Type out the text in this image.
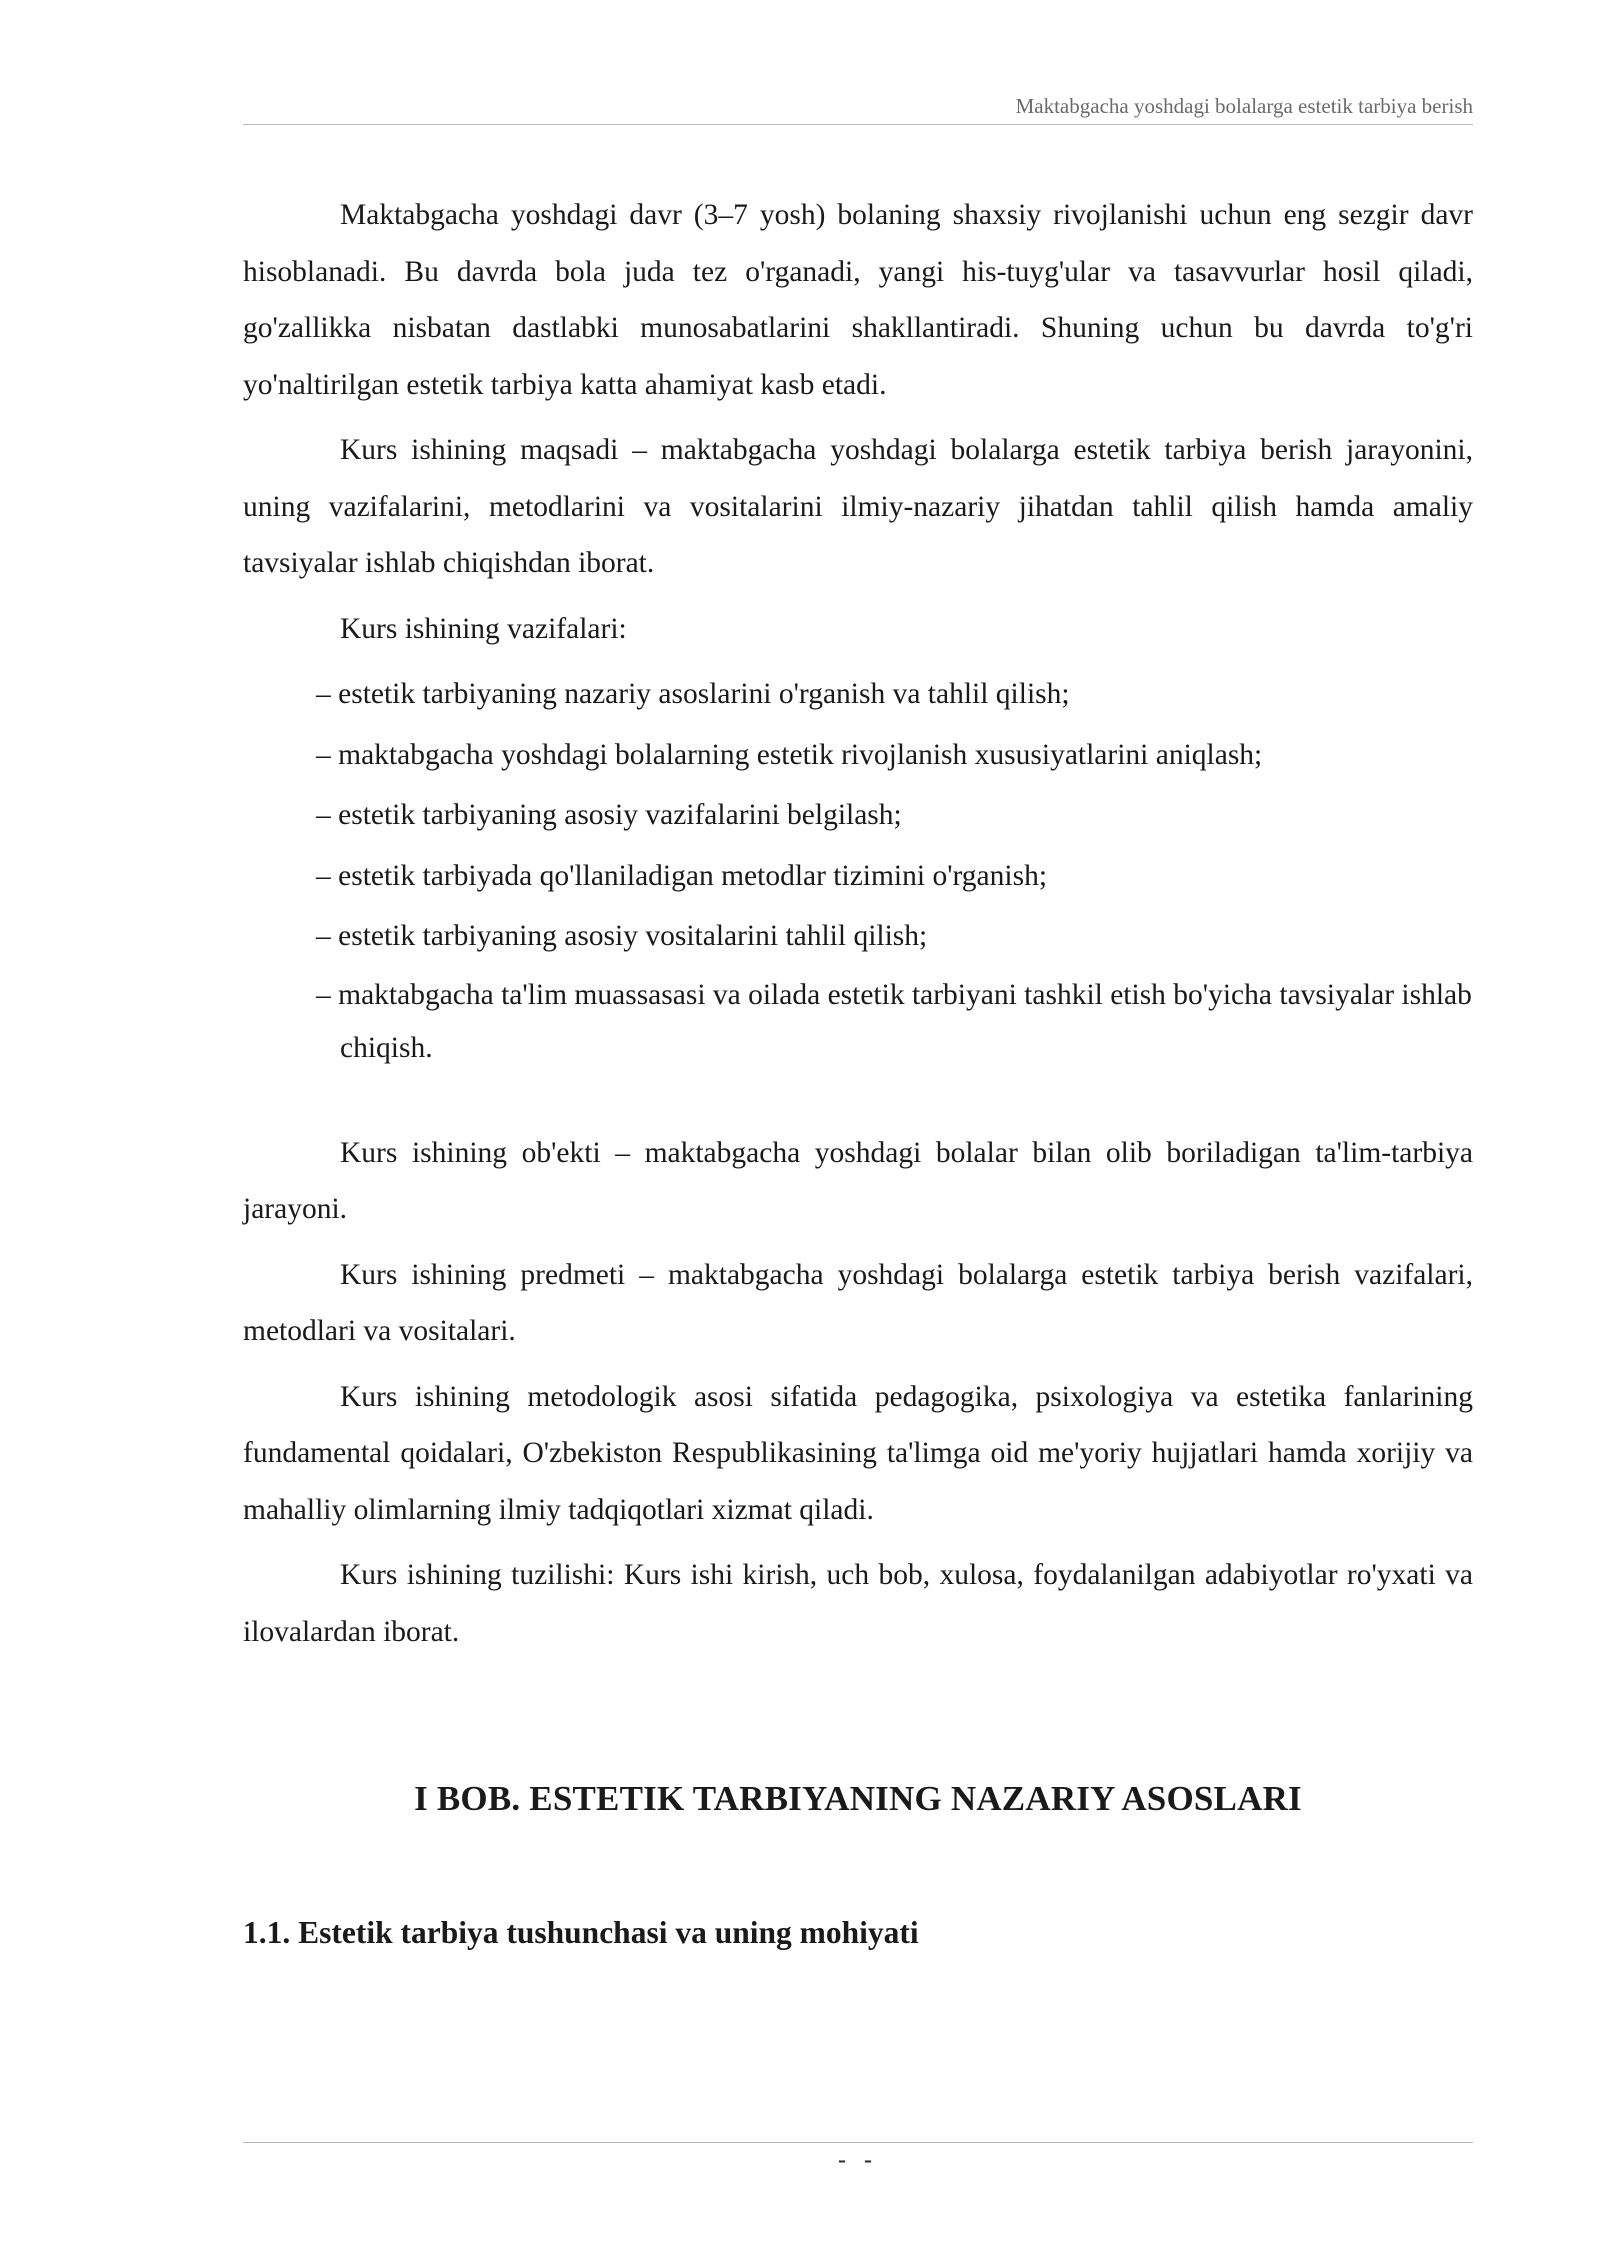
Maktabgacha yoshdagi bolalarga estetik tarbiya berish

Maktabgacha yoshdagi davr (3–7 yosh) bolaning shaxsiy rivojlanishi uchun eng sezgir davr hisoblanadi. Bu davrda bola juda tez o'rganadi, yangi his-tuyg'ular va tasavvurlar hosil qiladi, go'zallikka nisbatan dastlabki munosabatlarini shakllantiradi. Shuning uchun bu davrda to'g'ri yo'naltirilgan estetik tarbiya katta ahamiyat kasb etadi.

Kurs ishining maqsadi – maktabgacha yoshdagi bolalarga estetik tarbiya berish jarayonini, uning vazifalarini, metodlarini va vositalarini ilmiy-nazariy jihatdan tahlil qilish hamda amaliy tavsiyalar ishlab chiqishdan iborat.

Kurs ishining vazifalari:

– estetik tarbiyaning nazariy asoslarini o'rganish va tahlil qilish;
– maktabgacha yoshdagi bolalarning estetik rivojlanish xususiyatlarini aniqlash;
– estetik tarbiyaning asosiy vazifalarini belgilash;
– estetik tarbiyada qo'llaniladigan metodlar tizimini o'rganish;
– estetik tarbiyaning asosiy vositalarini tahlil qilish;
– maktabgacha ta'lim muassasasi va oilada estetik tarbiyani tashkil etish bo'yicha tavsiyalar ishlab chiqish.

Kurs ishining ob'ekti – maktabgacha yoshdagi bolalar bilan olib boriladigan ta'lim-tarbiya jarayoni.

Kurs ishining predmeti – maktabgacha yoshdagi bolalarga estetik tarbiya berish vazifalari, metodlari va vositalari.

Kurs ishining metodologik asosi sifatida pedagogika, psixologiya va estetika fanlarining fundamental qoidalari, O'zbekiston Respublikasining ta'limga oid me'yoriy hujjatlari hamda xorijiy va mahalliy olimlarning ilmiy tadqiqotlari xizmat qiladi.

Kurs ishining tuzilishi: Kurs ishi kirish, uch bob, xulosa, foydalanilgan adabiyotlar ro'yxati va ilovalardan iborat.

I BOB. ESTETIK TARBIYANING NAZARIY ASOSLARI
1.1. Estetik tarbiya tushunchasi va uning mohiyati
- -
